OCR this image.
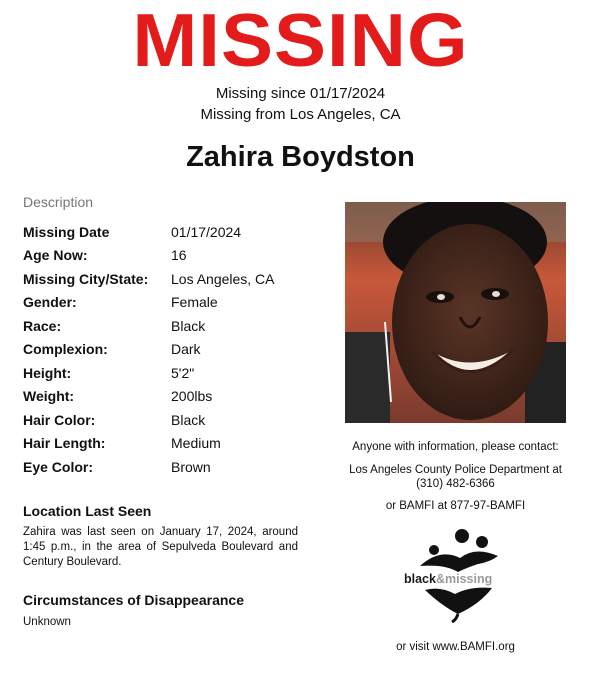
MISSING
Missing since 01/17/2024
Missing from Los Angeles, CA
Zahira Boydston
Description
Missing Date	01/17/2024
Age Now:	16
Missing City/State:	Los Angeles, CA
Gender:	Female
Race:	Black
Complexion:	Dark
Height:	5'2"
Weight:	200lbs
Hair Color:	Black
Hair Length:	Medium
Eye Color:	Brown
Location Last Seen
Zahira was last seen on January 17, 2024, around 1:45 p.m., in the area of Sepulveda Boulevard and Century Boulevard.
Circumstances of Disappearance
Unknown
Anyone with information, please contact:
Los Angeles County Police Department at
(310) 482-6366
or BAMFI at 877-97-BAMFI
black&missing
or visit www.BAMFI.org
